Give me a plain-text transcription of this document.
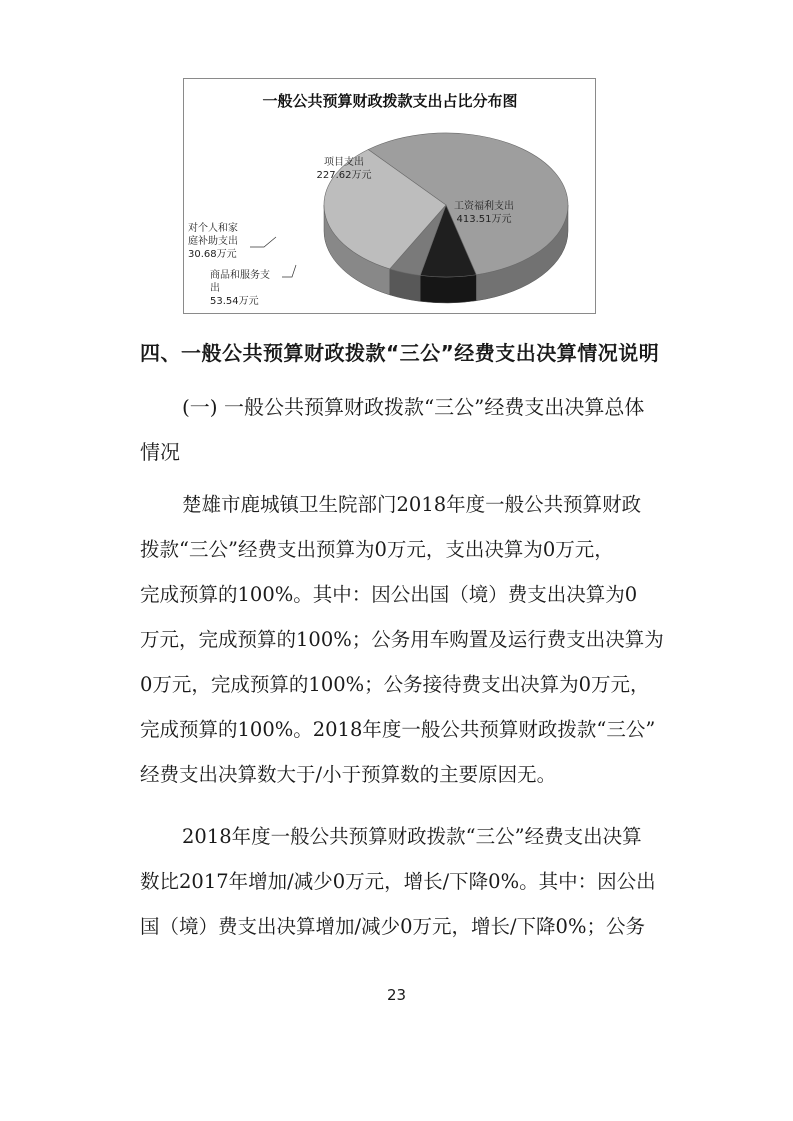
一般公共预算财政拨款支出占比分布图
项目支出
227.62万元
工资福利支出
413.51万元
对个人和家
庭补助支出
30.68万元
商品和服务支
出
53.54万元
四、一般公共预算财政拨款“三公”经费支出决算情况说明
(一) 一般公共预算财政拨款“三公”经费支出决算总体
情况
楚雄市鹿城镇卫生院部门2018年度一般公共预算财政
拨款“三公”经费支出预算为0万元，支出决算为0万元，
完成预算的100%。其中：因公出国（境）费支出决算为0
万元，完成预算的100%；公务用车购置及运行费支出决算为
0万元，完成预算的100%；公务接待费支出决算为0万元，
完成预算的100%。2018年度一般公共预算财政拨款“三公”
经费支出决算数大于/小于预算数的主要原因无。
2018年度一般公共预算财政拨款“三公”经费支出决算
数比2017年增加/减少0万元，增长/下降0%。其中：因公出
国（境）费支出决算增加/减少0万元，增长/下降0%；公务
23
